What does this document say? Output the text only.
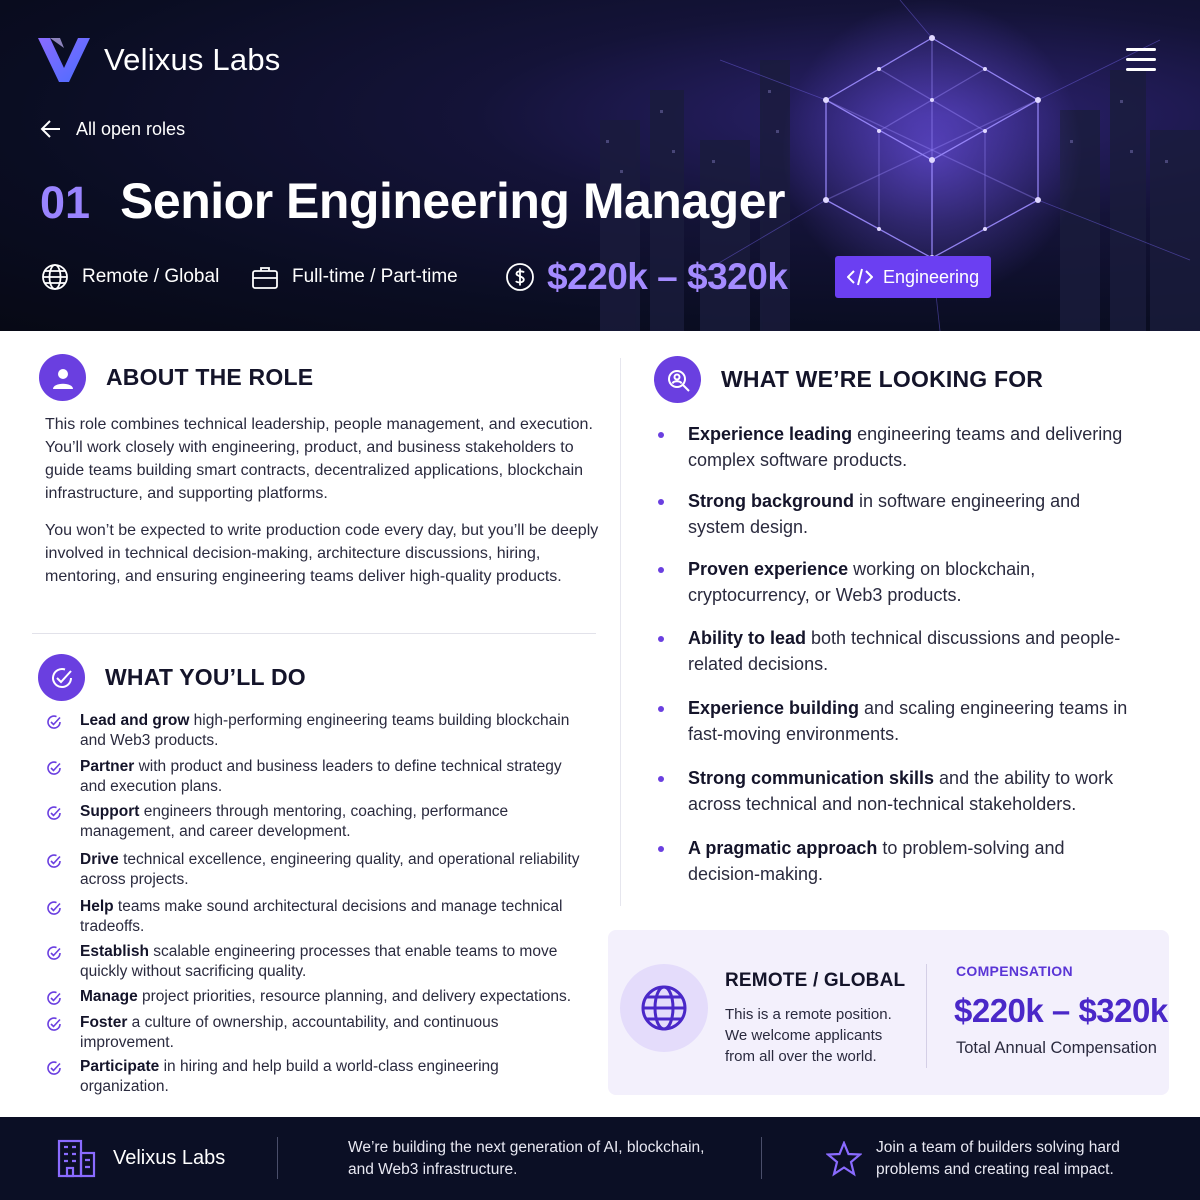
Velixus Labs
All open roles
01 Senior Engineering Manager
Remote / Global	Full-time / Part-time $220k – $320k	Engineering
ABOUT THE ROLE

This role combines technical leadership, people management, and execution. You’ll work closely with engineering, product, and business stakeholders to guide teams building smart contracts, decentralized applications, blockchain infrastructure, and supporting platforms.

You won’t be expected to write production code every day, but you’ll be deeply involved in technical decision-making, architecture discussions, hiring, mentoring, and ensuring engineering teams deliver high-quality products.

WHAT YOU’LL DO
Lead and grow high-performing engineering teams building blockchain and Web3 products.
Partner with product and business leaders to define technical strategy and execution plans.
Support engineers through mentoring, coaching, performance management, and career development.
Drive technical excellence, engineering quality, and operational reliability across projects.
Help teams make sound architectural decisions and manage technical tradeoffs.
Establish scalable engineering processes that enable teams to move quickly without sacrificing quality.
Manage project priorities, resource planning, and delivery expectations.
Foster a culture of ownership, accountability, and continuous improvement.
Participate in hiring and help build a world-class engineering organization.
WHAT WE’RE LOOKING FOR
Experience leading engineering teams and delivering complex software products.
Strong background in software engineering and system design.
Proven experience working on blockchain, cryptocurrency, or Web3 products.
Ability to lead both technical discussions and people-related decisions.
Experience building and scaling engineering teams in fast-moving environments.
Strong communication skills and the ability to work across technical and non-technical stakeholders.
A pragmatic approach to problem-solving and decision-making.
REMOTE / GLOBAL
This is a remote position. We welcome applicants from all over the world.
COMPENSATION
$220k – $320k
Total Annual Compensation
Velixus Labs	We’re building the next generation of AI, blockchain, and Web3 infrastructure.
Join a team of builders solving hard problems and creating real impact.
